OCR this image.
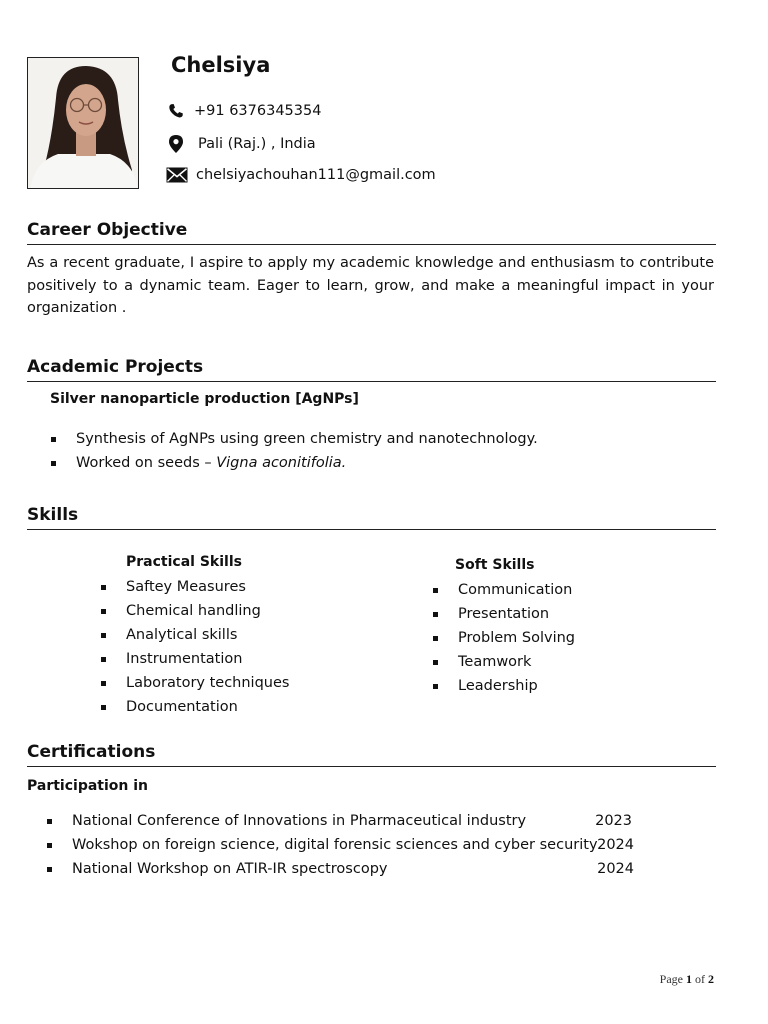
Chelsiya
+91 6376345354
Pali (Raj.) , India
chelsiyachouhan111@gmail.com
Career Objective
As a recent graduate, I aspire to apply my academic knowledge and enthusiasm to contribute positively to a dynamic team. Eager to learn, grow, and make a meaningful impact in your organization .
Academic Projects
Silver nanoparticle production [AgNPs]
Synthesis of AgNPs using green chemistry and nanotechnology.
Worked on seeds – Vigna aconitifolia.
Skills
Practical Skills
Saftey Measures
Chemical handling
Analytical skills
Instrumentation
Laboratory techniques
Documentation
Soft Skills
Communication
Presentation
Problem Solving
Teamwork
Leadership
Certifications
Participation in
National Conference of Innovations in Pharmaceutical industry	2023
Wokshop on foreign science, digital forensic sciences and cyber security 2024
National Workshop on ATIR-IR spectroscopy	2024
Page 1 of 2
